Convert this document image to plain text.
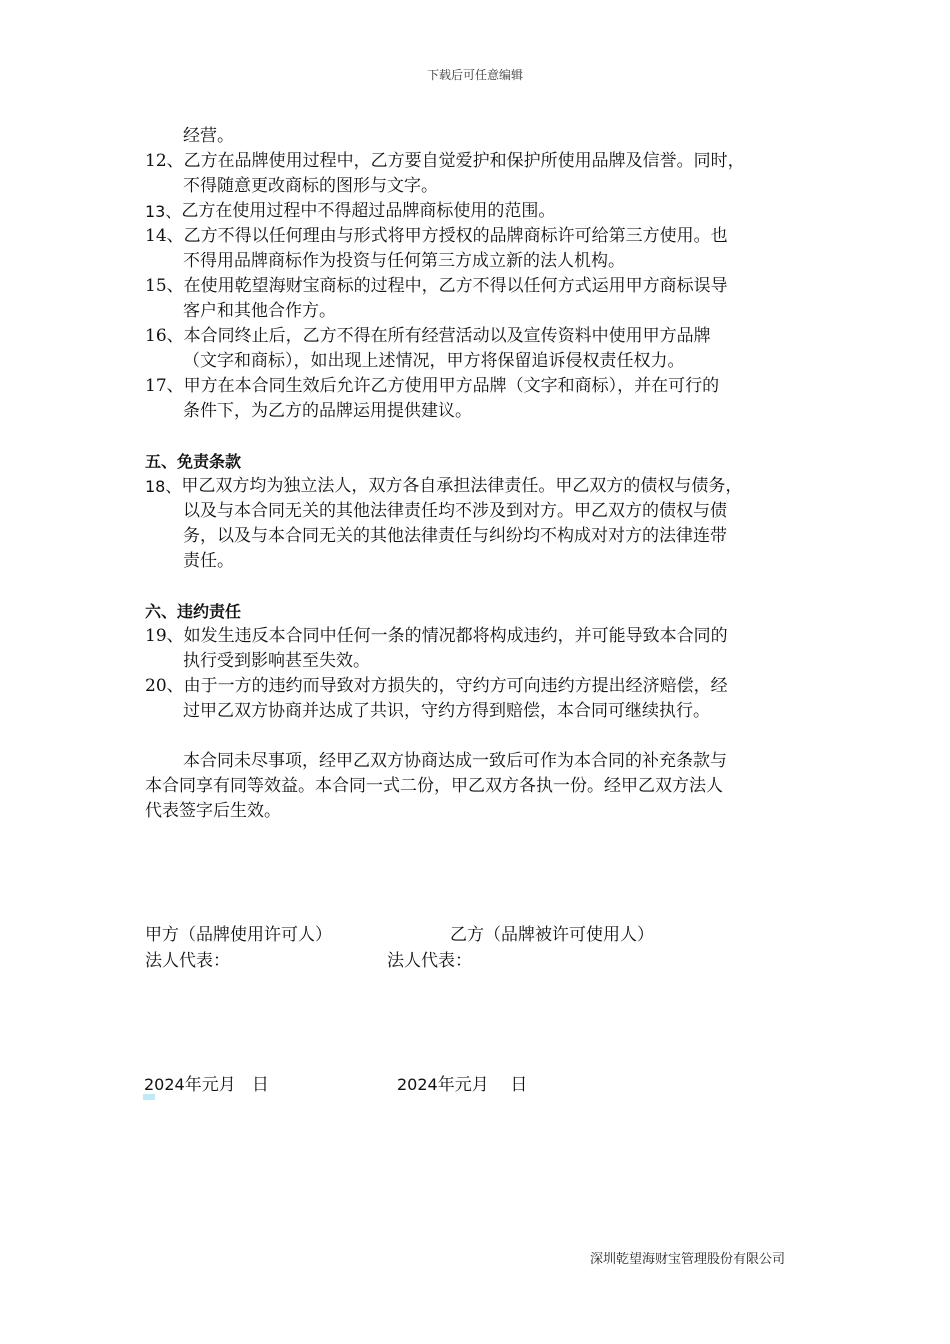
下载后可任意编辑
经营。
12、 乙方在品牌使用过程中，乙方要自觉爱护和保护所使用品牌及信誉。同时，
不得随意更改商标的图形与文字。
13、 乙方在使用过程中不得超过品牌商标使用的范围。
14、 乙方不得以任何理由与形式将甲方授权的品牌商标许可给第三方使用。也
不得用品牌商标作为投资与任何第三方成立新的法人机构。
15、 在使用乾望海财宝商标的过程中，乙方不得以任何方式运用甲方商标误导
客户和其他合作方。
16、 本合同终止后，乙方不得在所有经营活动以及宣传资料中使用甲方品牌
（文字和商标），如出现上述情况，甲方将保留追诉侵权责任权力。
17、 甲方在本合同生效后允许乙方使用甲方品牌（文字和商标），并在可行的
条件下，为乙方的品牌运用提供建议。
五、免责条款
18、 甲乙双方均为独立法人，双方各自承担法律责任。甲乙双方的债权与债务，
以及与本合同无关的其他法律责任均不涉及到对方。甲乙双方的债权与债
务，以及与本合同无关的其他法律责任与纠纷均不构成对对方的法律连带
责任。
六、违约责任
19、 如发生违反本合同中任何一条的情况都将构成违约，并可能导致本合同的
执行受到影响甚至失效。
20、 由于一方的违约而导致对方损失的，守约方可向违约方提出经济赔偿，经
过甲乙双方协商并达成了共识，守约方得到赔偿，本合同可继续执行。
本合同未尽事项，经甲乙双方协商达成一致后可作为本合同的补充条款与
本合同享有同等效益。本合同一式二份，甲乙双方各执一份。经甲乙双方法人
代表签字后生效。
甲方（品牌使用许可人）	乙方（品牌被许可使用人）
法人代表：	法人代表：
2024年元月   日	2024年元月    日
深圳乾望海财宝管理股份有限公司
